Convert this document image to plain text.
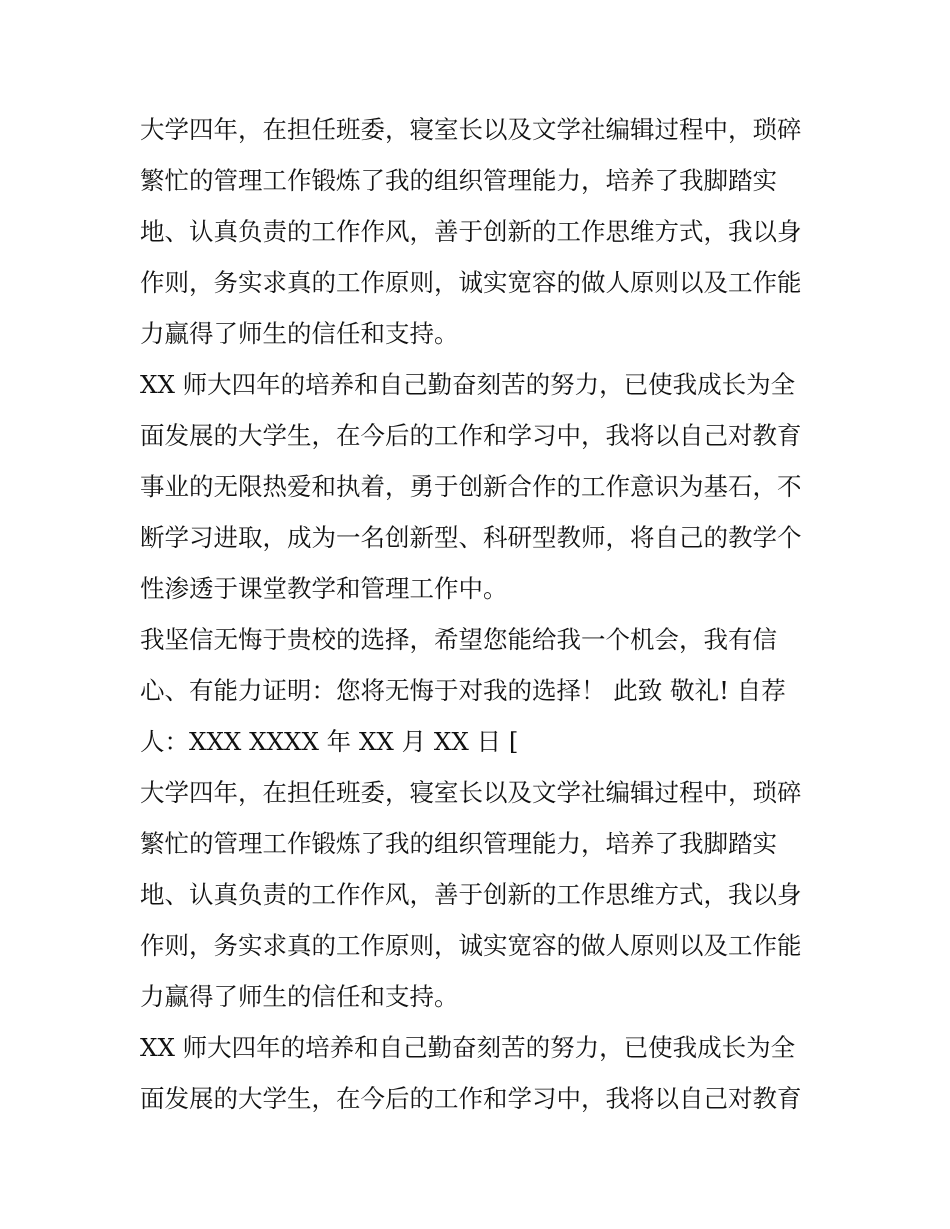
大学四年，在担任班委，寝室长以及文学社编辑过程中，琐碎
繁忙的管理工作锻炼了我的组织管理能力，培养了我脚踏实
地、认真负责的工作作风，善于创新的工作思维方式，我以身
作则，务实求真的工作原则，诚实宽容的做人原则以及工作能
力赢得了师生的信任和支持。
XX 师大四年的培养和自己勤奋刻苦的努力，已使我成长为全
面发展的大学生，在今后的工作和学习中，我将以自己对教育
事业的无限热爱和执着，勇于创新合作的工作意识为基石，不
断学习进取，成为一名创新型、科研型教师，将自己的教学个
性渗透于课堂教学和管理工作中。
我坚信无悔于贵校的选择，希望您能给我一个机会，我有信
心、有能力证明：您将无悔于对我的选择！ 此致 敬礼! 自荐
人：XXX XXXX 年 XX 月 XX 日 [
大学四年，在担任班委，寝室长以及文学社编辑过程中，琐碎
繁忙的管理工作锻炼了我的组织管理能力，培养了我脚踏实
地、认真负责的工作作风，善于创新的工作思维方式，我以身
作则，务实求真的工作原则，诚实宽容的做人原则以及工作能
力赢得了师生的信任和支持。
XX 师大四年的培养和自己勤奋刻苦的努力，已使我成长为全
面发展的大学生，在今后的工作和学习中，我将以自己对教育
